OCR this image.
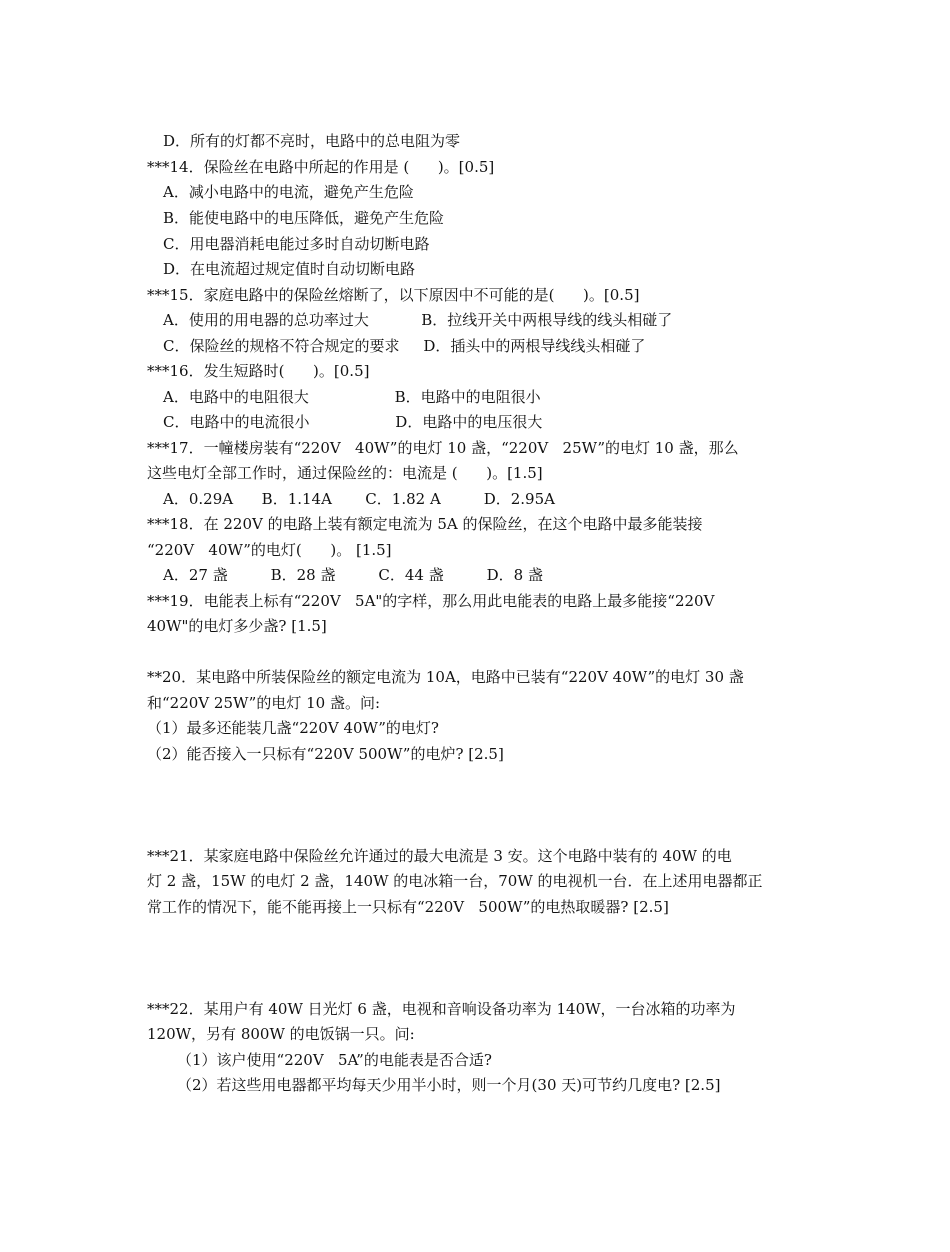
D．所有的灯都不亮时，电路中的总电阻为零
***14．保险丝在电路中所起的作用是 (      )。[0.5]
A．减小电路中的电流，避免产生危险
B．能使电路中的电压降低，避免产生危险
C．用电器消耗电能过多时自动切断电路
D．在电流超过规定值时自动切断电路
***15．家庭电路中的保险丝熔断了，以下原因中不可能的是(      )。[0.5]
A．使用的用电器的总功率过大           B．拉线开关中两根导线的线头相碰了
C．保险丝的规格不符合规定的要求     D．插头中的两根导线线头相碰了
***16．发生短路时(      )。[0.5]
A．电路中的电阻很大                  B．电路中的电阻很小
C．电路中的电流很小                  D．电路中的电压很大
***17．一幢楼房装有“220V   40W”的电灯 10 盏，“220V   25W”的电灯 10 盏，那么
这些电灯全部工作时，通过保险丝的：电流是 (      )。[1.5]
A．0.29A      B．1.14A       C．1.82 A         D．2.95A
***18．在 220V 的电路上装有额定电流为 5A 的保险丝，在这个电路中最多能装接
“220V   40W”的电灯(      )。 [1.5]
A．27 盏         B．28 盏         C．44 盏         D．8 盏
***19．电能表上标有“220V   5A"的字样，那么用此电能表的电路上最多能接“220V
40W"的电灯多少盏? [1.5]
**20．某电路中所装保险丝的额定电流为 10A，电路中已装有“220V 40W”的电灯 30 盏
和“220V 25W”的电灯 10 盏。问:
（1）最多还能装几盏“220V 40W”的电灯?
（2）能否接入一只标有“220V 500W”的电炉? [2.5]
***21．某家庭电路中保险丝允许通过的最大电流是 3 安。这个电路中装有的 40W 的电
灯 2 盏，15W 的电灯 2 盏，140W 的电冰箱一台，70W 的电视机一台．在上述用电器都正
常工作的情况下，能不能再接上一只标有“220V   500W”的电热取暖器? [2.5]
***22．某用户有 40W 日光灯 6 盏，电视和音响设备功率为 140W，一台冰箱的功率为
120W，另有 800W 的电饭锅一只。问:
（1）该户使用“220V   5A”的电能表是否合适?
（2）若这些用电器都平均每天少用半小时，则一个月(30 天)可节约几度电? [2.5]
